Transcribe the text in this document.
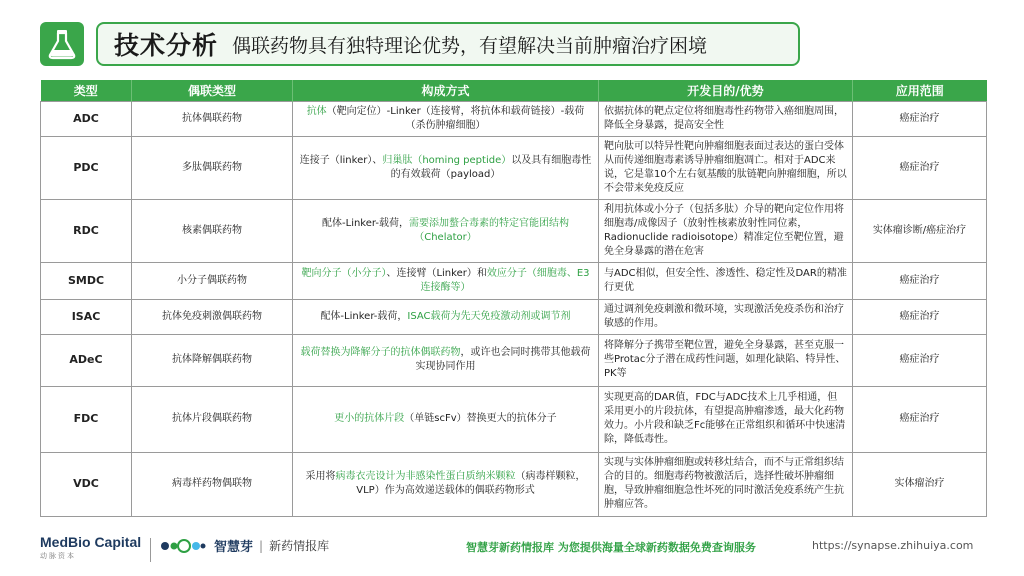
技术分析 偶联药物具有独特理论优势，有望解决当前肿瘤治疗困境
类型	偶联类型	构成方式	开发目的/优势	应用范围
ADC	抗体偶联药物	抗体（靶向定位）-Linker（连接臂，将抗体和载荷链接）-载荷（杀伤肿瘤细胞）	依据抗体的靶点定位将细胞毒性药物带入癌细胞周围，降低全身暴露，提高安全性	癌症治疗
PDC	多肽偶联药物	连接子（linker）、归巢肽（homing peptide）以及具有细胞毒性的有效载荷（payload）	靶向肽可以特异性靶向肿瘤细胞表面过表达的蛋白受体从而传递细胞毒素诱导肿瘤细胞凋亡。相对于ADC来说，它是靠10个左右氨基酸的肽链靶向肿瘤细胞，所以不会带来免疫反应	癌症治疗
RDC	核素偶联药物	配体-Linker-载荷，需要添加螯合毒素的特定官能团结构（Chelator）	利用抗体或小分子（包括多肽）介导的靶向定位作用将细胞毒/成像因子（放射性核素放射性同位素，Radionuclide radioisotope）精准定位至靶位置，避免全身暴露的潜在危害	实体瘤诊断/癌症治疗
SMDC	小分子偶联药物	靶向分子（小分子）、连接臂（Linker）和效应分子（细胞毒、E3连接酶等）	与ADC相似，但安全性、渗透性、稳定性及DAR的精准行更优	癌症治疗
ISAC	抗体免疫刺激偶联药物	配体-Linker-载荷，ISAC载荷为先天免疫激动剂或调节剂	通过调剂免疫刺激和微环境，实现激活免疫杀伤和治疗敏感的作用。	癌症治疗
ADeC	抗体降解偶联药物	载荷替换为降解分子的抗体偶联药物，或许也会同时携带其他载荷实现协同作用	将降解分子携带至靶位置，避免全身暴露，甚至克服一些Protac分子潜在成药性问题，如理化缺陷、特异性、PK等	癌症治疗
FDC	抗体片段偶联药物	更小的抗体片段（单链scFv）替换更大的抗体分子	实现更高的DAR值，FDC与ADC技术上几乎相通，但采用更小的片段抗体，有望提高肿瘤渗透，最大化药物效力。小片段和缺乏Fc能够在正常组织和循环中快速清除，降低毒性。	癌症治疗
VDC	病毒样药物偶联物	采用将病毒衣壳设计为非感染性蛋白质纳米颗粒（病毒样颗粒，VLP）作为高效递送载体的偶联药物形式	实现与实体肿瘤细胞或转移灶结合，而不与正常组织结合的目的。细胞毒药物被激活后，选择性破坏肿瘤细胞，导致肿瘤细胞急性坏死的同时激活免疫系统产生抗肿瘤应答。	实体瘤治疗
MedBio Capital
动脉资本
智慧芽 | 新药情报库	智慧芽新药情报库 为您提供海量全球新药数据免费查询服务	https://synapse.zhihuiya.com
